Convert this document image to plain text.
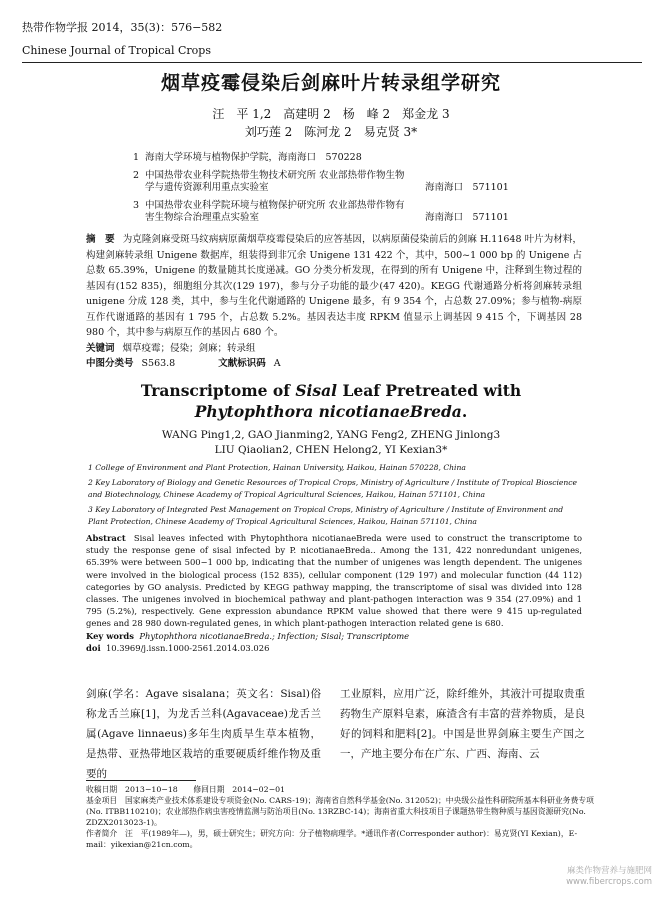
热带作物学报 2014，35(3)：576−582
Chinese Journal of Tropical Crops
烟草疫霉侵染后剑麻叶片转录组学研究
汪　平 1,2　高建明 2　杨　峰 2　郑金龙 3
刘巧莲 2　陈河龙 2　易克贤 3*
1 海南大学环境与植物保护学院，海南海口　570228
2 中国热带农业科学院热带生物技术研究所 农业部热带作物生物学与遗传资源利用重点实验室	海南海口　571101
3 中国热带农业科学院环境与植物保护研究所 农业部热带作物有害生物综合治理重点实验室	海南海口　571101
摘　要 为克隆剑麻受斑马纹病病原菌烟草疫霉侵染后的应答基因，以病原菌侵染前后的剑麻 H.11648 叶片为材料，构建剑麻转录组 Unigene 数据库，组装得到非冗余 Unigene 131 422 个，其中，500~1 000 bp 的 Unigene 占总数 65.39%，Unigene 的数量随其长度递减。GO 分类分析发现，在得到的所有 Unigene 中，注释到生物过程的基因有(152 835)，细胞组分其次(129 197)，参与分子功能的最少(47 420)。KEGG 代谢通路分析将剑麻转录组 unigene 分成 128 类，其中，参与生化代谢通路的 Unigene 最多，有 9 354 个，占总数 27.09%；参与植物-病原互作代谢通路的基因有 1 795 个，占总数 5.2%。基因表达丰度 RPKM 值显示上调基因 9 415 个，下调基因 28 980 个，其中参与病原互作的基因占 680 个。
关键词 烟草疫霉；侵染；剑麻；转录组
中图分类号 S563.8	文献标识码 A
Transcriptome of Sisal Leaf Pretreated with
Phytophthora nicotianaeBreda.
WANG Ping1,2, GAO Jianming2, YANG Feng2, ZHENG Jinlong3
LIU Qiaolian2, CHEN Helong2, YI Kexian3*
1 College of Environment and Plant Protection, Hainan University, Haikou, Hainan 570228, China
2 Key Laboratory of Biology and Genetic Resources of Tropical Crops, Ministry of Agriculture / Institute of Tropical Bioscience and Biotechnology, Chinese Academy of Tropical Agricultural Sciences, Haikou, Hainan 571101, China
3 Key Laboratory of Integrated Pest Management on Tropical Crops, Ministry of Agriculture / Institute of Environment and Plant Protection, Chinese Academy of Tropical Agricultural Sciences, Haikou, Hainan 571101, China
Abstract Sisal leaves infected with Phytophthora nicotianaeBreda were used to construct the transcriptome to study the response gene of sisal infected by P. nicotianaeBreda.. Among the 131, 422 nonredundant unigenes, 65.39% were between 500−1 000 bp, indicating that the number of unigenes was length dependent. The unigenes were involved in the biological process (152 835), cellular component (129 197) and molecular function (44 112) categories by GO analysis. Predicted by KEGG pathway mapping, the transcriptome of sisal was divided into 128 classes. The unigenes involved in biochemical pathway and plant-pathogen interaction was 9 354 (27.09%) and 1 795 (5.2%), respectively. Gene expression abundance RPKM value showed that there were 9 415 up-regulated genes and 28 980 down-regulated genes, in which plant-pathogen interaction related gene is 680.
Key words Phytophthora nicotianaeBreda.; Infection; Sisal; Transcriptome
doi 10.3969/j.issn.1000-2561.2014.03.026
剑麻(学名：Agave sisalana；英文名：Sisal)俗称龙舌兰麻[1]，为龙舌兰科(Agavaceae)龙舌兰属(Agave linnaeus)多年生肉质旱生草本植物，是热带、亚热带地区栽培的重要硬质纤维作物及重要的
工业原料，应用广泛，除纤维外，其液汁可提取贵重药物生产原料皂素，麻渣含有丰富的营养物质，是良好的饲料和肥料[2]。中国是世界剑麻主要生产国之一，产地主要分布在广东、广西、海南、云
收稿日期　2013−10−18　　修回日期　2014−02−01
基金项目　国家麻类产业技术体系建设专项资金(No. CARS-19)；海南省自然科学基金(No. 312052)；中央级公益性科研院所基本科研业务费专项(No. ITBB110210)；农业部热作病虫害疫情监测与防治项目(No. 13RZBC-14)；海南省重大科技项目子课题热带生物种质与基因资源研究(No. ZDZX2013023-1)。
作者简介　汪　平(1989年—)，男，硕士研究生；研究方向：分子植物病理学。*通讯作者(Corresponder author)：易克贤(YI Kexian)，E-mail：yikexian@21cn.com。
麻类作物营养与施肥网
www.fibercrops.com
